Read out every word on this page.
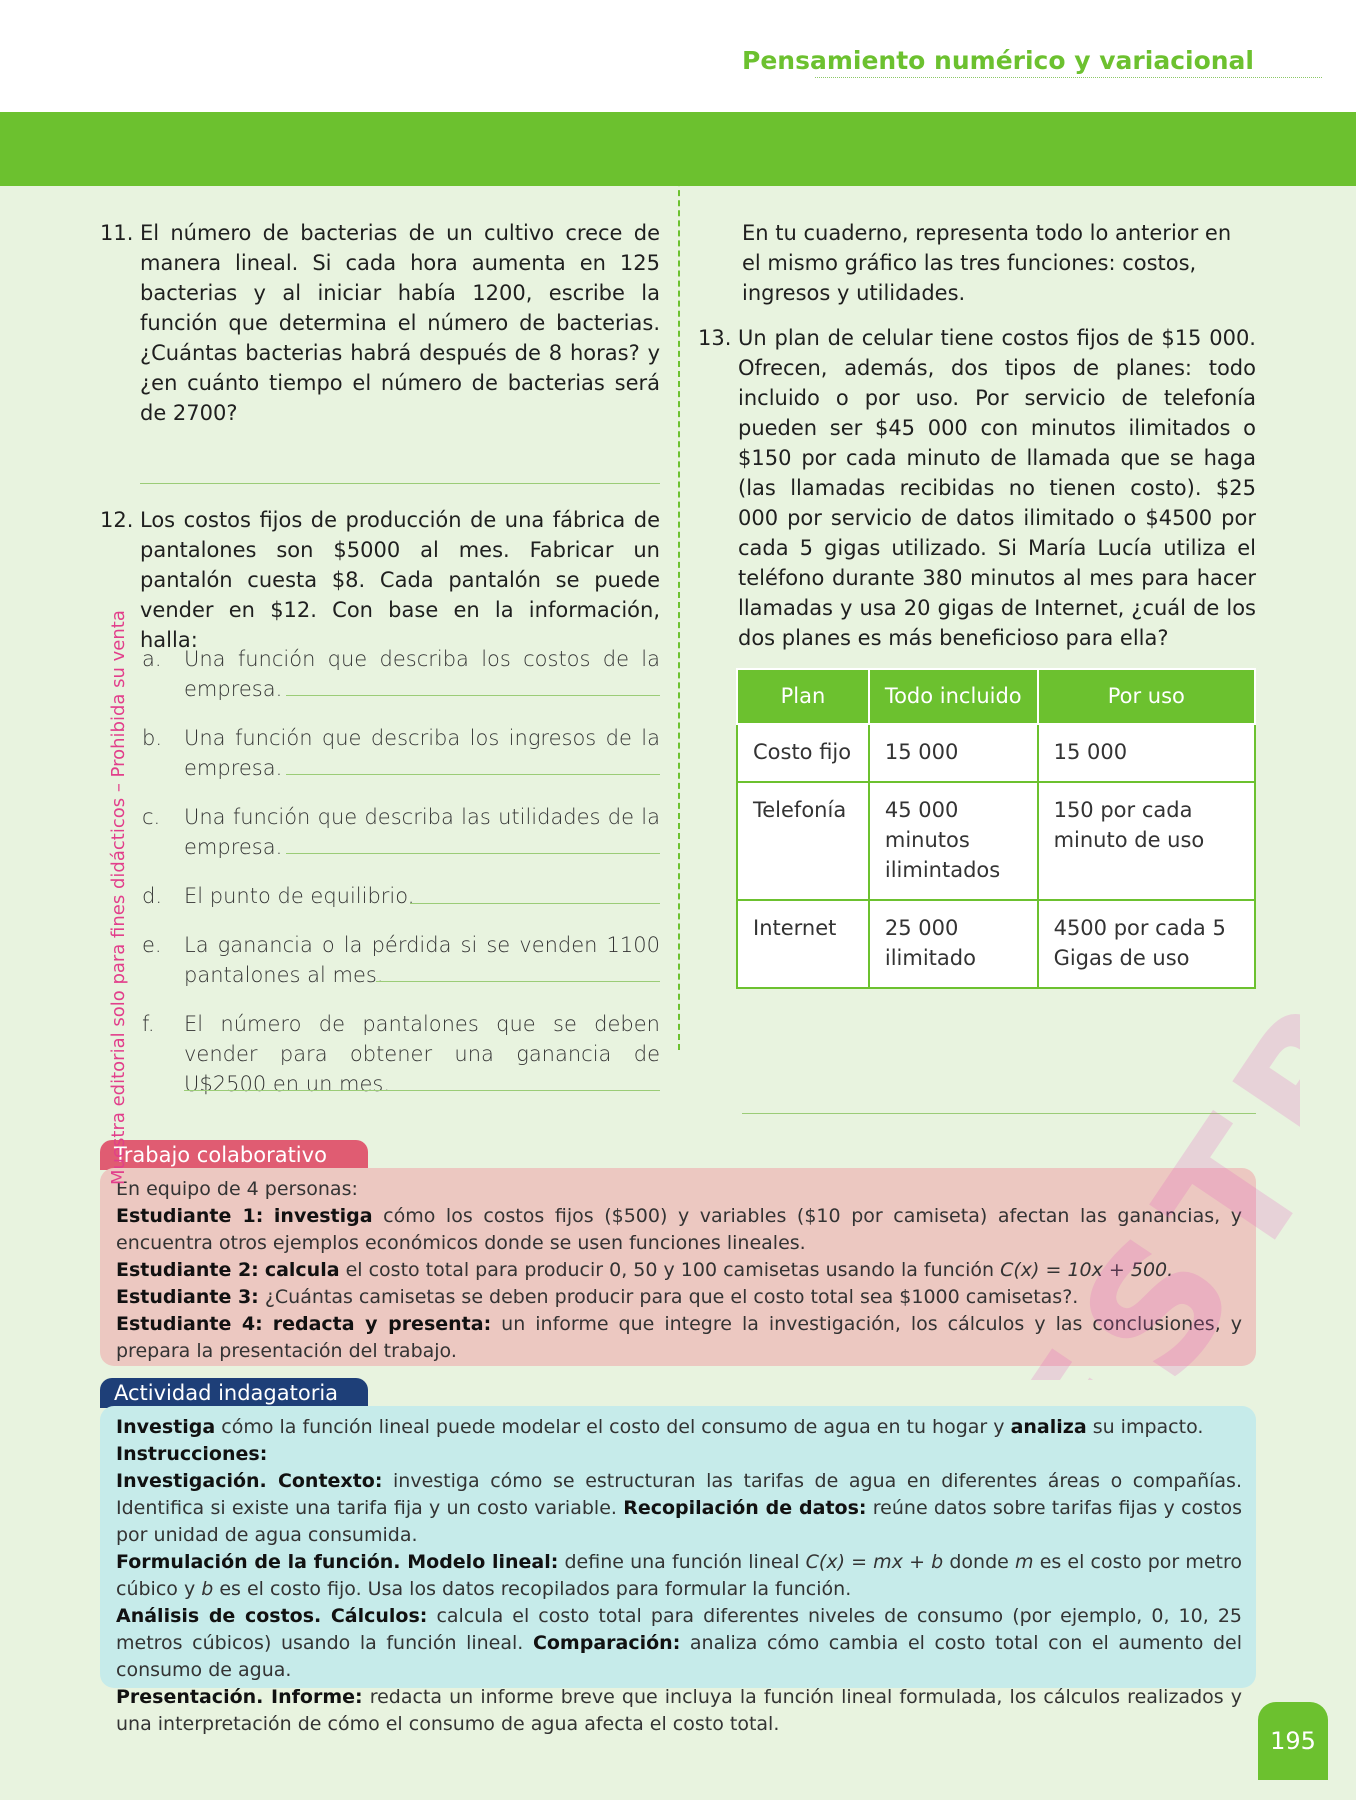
Pensamiento numérico y variacional
11. El número de bacterias de un cultivo crece de manera lineal. Si cada hora aumenta en 125 bacterias y al iniciar había 1200, escribe la función que determina el número de bacterias. ¿Cuántas bacterias habrá después de 8 horas? y ¿en cuánto tiempo el número de bacterias será de 2700?

12. Los costos fijos de producción de una fábrica de pantalones son $5000 al mes. Fabricar un pantalón cuesta $8. Cada pantalón se puede vender en $12. Con base en la información, halla:

a. Una función que describa los costos de la empresa.
b. Una función que describa los ingresos de la empresa.
c. Una función que describa las utilidades de la empresa.
d. El punto de equilibrio.
e. La ganancia o la pérdida si se venden 1100 pantalones al mes.
f. El número de pantalones que se deben vender para obtener una ganancia de U$2500 en un mes.

En tu cuaderno, representa todo lo anterior en el mismo gráfico las tres funciones: costos, ingresos y utilidades.

13. Un plan de celular tiene costos fijos de $15 000. Ofrecen, además, dos tipos de planes: todo incluido o por uso. Por servicio de telefonía pueden ser $45 000 con minutos ilimitados o $150 por cada minuto de llamada que se haga (las llamadas recibidas no tienen costo). $25 000 por servicio de datos ilimitado o $4500 por cada 5 gigas utilizado. Si María Lucía utiliza el teléfono durante 380 minutos al mes para hacer llamadas y usa 20 gigas de Internet, ¿cuál de los dos planes es más beneficioso para ella?

Plan	Todo incluido	Por uso
Costo fijo	15 000	15 000
Telefonía	45 000 minutos ilimintados	150 por cada minuto de uso
Internet	25 000 ilimitado	4500 por cada 5 Gigas de uso
Trabajo colaborativo

En equipo de 4 personas:

Estudiante 1: investiga cómo los costos fijos ($500) y variables ($10 por camiseta) afectan las ganancias, y encuentra otros ejemplos económicos donde se usen funciones lineales.

Estudiante 2: calcula el costo total para producir 0, 50 y 100 camisetas usando la función C(x) = 10x + 500.

Estudiante 3: ¿Cuántas camisetas se deben producir para que el costo total sea $1000 camisetas?.

Estudiante 4: redacta y presenta: un informe que integre la investigación, los cálculos y las conclusiones, y prepara la presentación del trabajo.

Actividad indagatoria

Investiga cómo la función lineal puede modelar el costo del consumo de agua en tu hogar y analiza su impacto.

Instrucciones:

Investigación. Contexto: investiga cómo se estructuran las tarifas de agua en diferentes áreas o compañías. Identifica si existe una tarifa fija y un costo variable. Recopilación de datos: reúne datos sobre tarifas fijas y costos por unidad de agua consumida.

Formulación de la función. Modelo lineal: define una función lineal C(x) = mx + b donde m es el costo por metro cúbico y b es el costo fijo. Usa los datos recopilados para formular la función.

Análisis de costos. Cálculos: calcula el costo total para diferentes niveles de consumo (por ejemplo, 0, 10, 25 metros cúbicos) usando la función lineal. Comparación: analiza cómo cambia el costo total con el aumento del consumo de agua.

Presentación. Informe: redacta un informe breve que incluya la función lineal formulada, los cálculos realizados y una interpretación de cómo el consumo de agua afecta el costo total.

195
Muestra editorial solo para fines didácticos – Prohibida su venta
